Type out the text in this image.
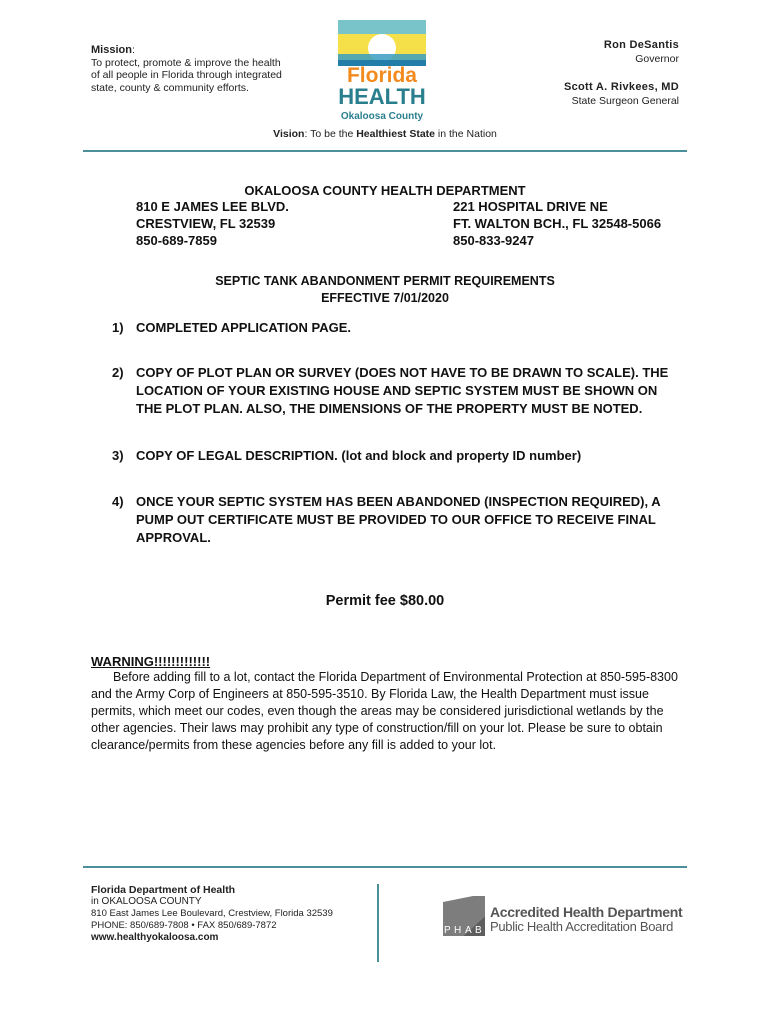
Mission:
To protect, promote & improve the health of all people in Florida through integrated state, county & community efforts.
Florida
HEALTH
Okaloosa County
Ron DeSantis
Governor
Scott A. Rivkees, MD
State Surgeon General
Vision: To be the Healthiest State in the Nation
OKALOOSA COUNTY HEALTH DEPARTMENT
810 E JAMES LEE BLVD.
CRESTVIEW, FL 32539
850-689-7859
221 HOSPITAL DRIVE NE
FT. WALTON BCH., FL 32548-5066
850-833-9247
SEPTIC TANK ABANDONMENT PERMIT REQUIREMENTS
EFFECTIVE 7/01/2020
1) COMPLETED APPLICATION PAGE.
2) COPY OF PLOT PLAN OR SURVEY (DOES NOT HAVE TO BE DRAWN TO SCALE). THE LOCATION OF YOUR EXISTING HOUSE AND SEPTIC SYSTEM MUST BE SHOWN ON THE PLOT PLAN. ALSO, THE DIMENSIONS OF THE PROPERTY MUST BE NOTED.
3) COPY OF LEGAL DESCRIPTION. (lot and block and property ID number)
4) ONCE YOUR SEPTIC SYSTEM HAS BEEN ABANDONED (INSPECTION REQUIRED), A PUMP OUT CERTIFICATE MUST BE PROVIDED TO OUR OFFICE TO RECEIVE FINAL APPROVAL.
Permit fee $80.00
WARNING!!!!!!!!!!!!!
Before adding fill to a lot, contact the Florida Department of Environmental Protection at 850-595-8300 and the Army Corp of Engineers at 850-595-3510. By Florida Law, the Health Department must issue permits, which meet our codes, even though the areas may be considered jurisdictional wetlands by the other agencies. Their laws may prohibit any type of construction/fill on your lot. Please be sure to obtain clearance/permits from these agencies before any fill is added to your lot.
Florida Department of Health
in OKALOOSA COUNTY
810 East James Lee Boulevard, Crestview, Florida 32539
PHONE: 850/689-7808 • FAX 850/689-7872
www.healthyokaloosa.com
P H A B
Accredited Health Department
Public Health Accreditation Board
